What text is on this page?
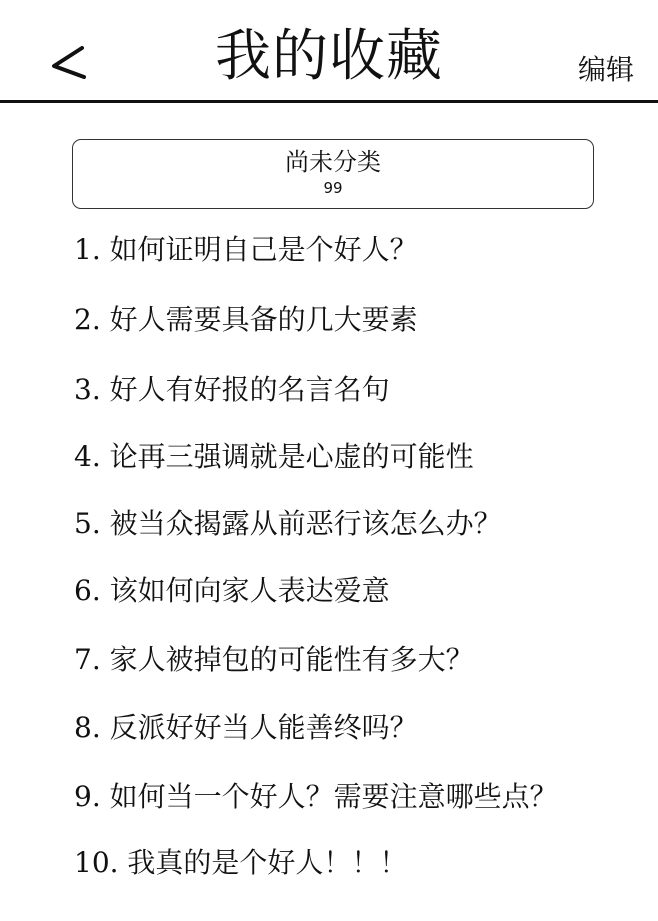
我的收藏	编辑
尚未分类
99
1. 如何证明自己是个好人？
2. 好人需要具备的几大要素
3. 好人有好报的名言名句
4. 论再三强调就是心虚的可能性
5. 被当众揭露从前恶行该怎么办？
6. 该如何向家人表达爱意
7. 家人被掉包的可能性有多大？
8. 反派好好当人能善终吗？
9. 如何当一个好人？需要注意哪些点？
10. 我真的是个好人！！！
